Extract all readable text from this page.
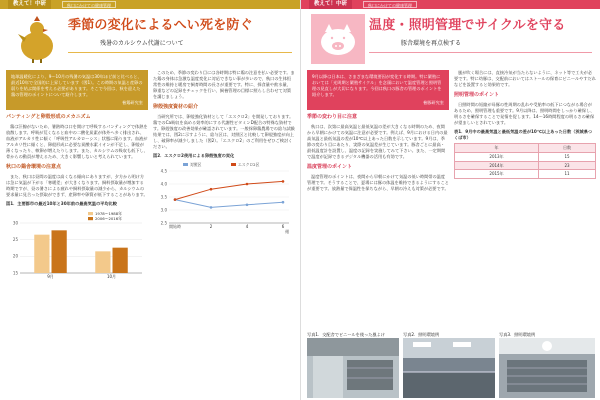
教えて！中研	秋口にかけての健康管理
季節の変化によるへい死を防ぐ
残暑のカルシウム代謝について
地球温暖化により、9〜10月の残暑の気温は30年ほど前と比べると、最近10年で全国的に上昇しています（図1）。この時期の気温と産卵の弱りを結ぶ関係を考える必要があります。そこで今回は、秋を迎えた鶏の管理のポイントについて紹介します。
養鶏研究室
パンティングと卵殻形成のメカニズム

鶏は汗腺がないため、暑熱時は口を開けて呼吸するパンティングで体熱を放散します。呼吸が荒くなると血中の二酸化炭素が体外へ多く排出され、血液がアルカリ性に傾く「呼吸性アルカローシス」状態に陥ります。血液がアルカリ性に傾くと、卵殻形成に必要な炭酸水素イオンが不足し、卵殻が薄くなったり、軟卵が増えたりします。また、カルシウムの吸収も低下し、骨からの動員が増えるため、大きく影響しないと考えられています。

秋口の鶏舎環境の注意点

また、秋口は昼間の温度は高くなる傾向にありますが、夕方から明け方は急に気温が下がる「寒暖差」が大きくなります。飼料摂取量が増加する時期ですが、昼の暑さによる疲れや飼料摂取量の減少から、カルシウムの要求量に見合った摂取ができず、産卵率や卵質が低下することがあります。

図1．主要都市の最近10年と30年前の最高気温の平均比較
15
20
25
30
9月	10月
1978〜1988年
2006〜2016年

このため、季節の変わり目には各時期は特に鶏の注意を払い必要です。また鶏の身体は急激な温度変化に対応できない事が多いので、秋口の生体恒常性の維持と暖房で飼育時間の長さが重要です。特に、採食量や飲水量、卵重などの記録をチェックを行い、飼養管理の目標に照らし合わせて対策を講じましょう。

卵殻強度資材の紹介

当研究所では、卵殻強化資材として「エスクロ2」を開発しております。鶏でのCa吸収を高める効率的にする代謝性ビタミンD配合の特殊な資材です。卵殻強度の改善効果が確認されています。一般採卵鶏農場での給与試験結果では、図2に示すように、給与区は、対照区と比較して卵殻強度が向上し、破卵率が減少しました（図2）。「エスクロ2」のご利用をぜひご検討ください。

図2．エスクロ2使用による卵殻強度の変化
2.5
3.0
3.5
4.0
4.5
開始時	2	4	6
週
対照区	エスクロ2区
教えて！中研	秋口にかけての健康管理
温度・照明管理でサイクルを守る
豚舎環境を再点検する
9月以降は日本は、さまざまな環境要因が変化する時期。特に繁殖においては「光周期と繁殖サイクル」を念頭において温度管理と照明管理の見直しが大切になります。今回は秋口の豚舎の管理のポイントを紹介します。
養豚研究室
季節の変わり目に注意

秋口は、次第に最高気温と最低気温の差が大きくなる時期のため、夜間から早朝にかけての気温に注意が必要です。例えば、9月における日内の最高気温と最低気温の差が10℃以上あった日数を示しています。9月は、季節の変わり目にあたり、実際の気温差が生じています。豚舎ごとに最高・最低温度計を設置し、温度の記録を実施してみて下さい。また、一定期間で温度が記録できるデジタル機器の活用も有効です。

温度管理のポイント

温度管理のポイントは、夜間から早朝にかけて気温の低い時間帯の温度管理です。そうすることで、夏場には豚の体温を維持できるようにすることが重要です。放熱量で保温性を保ちながら、早朝の冷えも対策が必要です。

風が吹く場合には、直接冷気が当たらないように、ネット等で工夫が必要です。特に幼豚は、交配前においてはストールの保育にビニールやすだれなどを設置すると効果的です。

照明管理のポイント

日照時間の短縮が母豚の性周期の乱れや受胎率の低下につながる場合があるため、照明管理も重要です。9月以降は、照明時間をしっかり確保し、明るさを確保することで発情を促します。14〜16時間程度の明るさの確保が望ましいとされています。

表1．9月中の最高気温と最低気温の差が10℃以上あった日数（茨城県つくば市）
年	日数
2013年	15
2014年	23
2015年	11
写真1．交配舎でビニールを使った風よけ	写真2．照明環境例	写真3．照明環境例
